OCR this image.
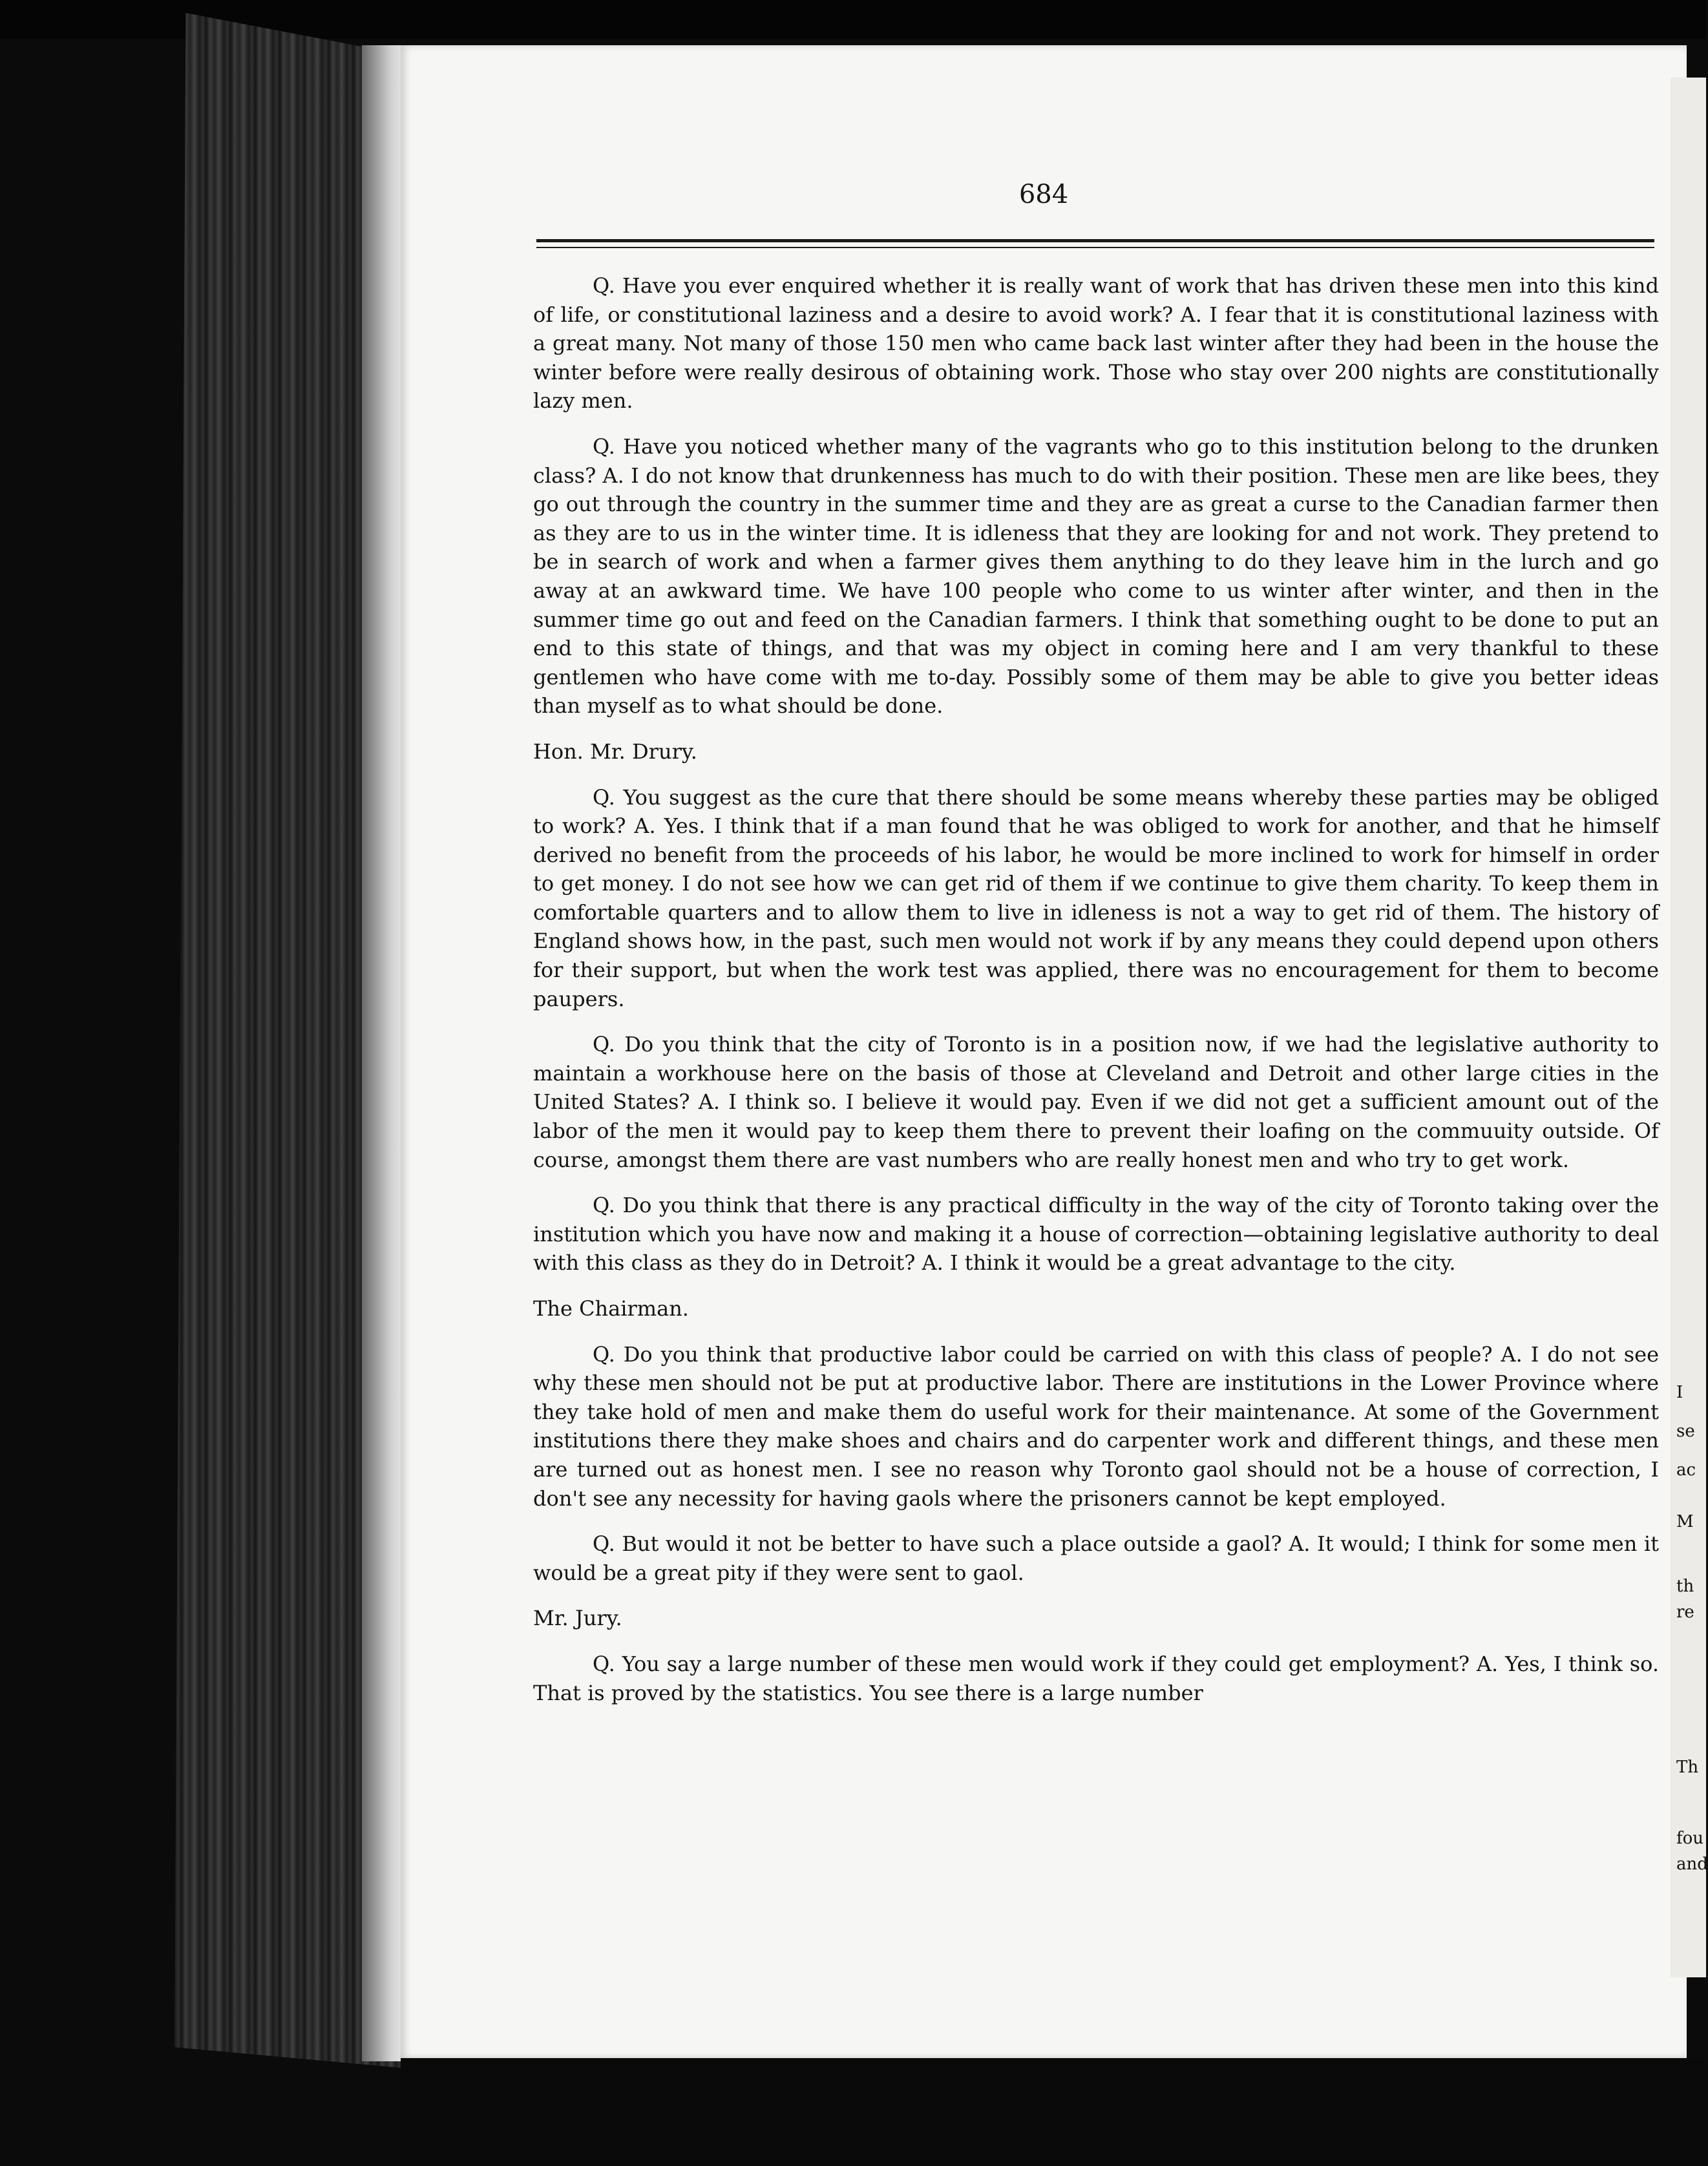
684

Q. Have you ever enquired whether it is really want of work that has driven these men into this kind of life, or constitutional laziness and a desire to avoid work? A. I fear that it is constitutional laziness with a great many. Not many of those 150 men who came back last winter after they had been in the house the winter before were really desirous of obtaining work. Those who stay over 200 nights are constitutionally lazy men.

Q. Have you noticed whether many of the vagrants who go to this institution belong to the drunken class? A. I do not know that drunkenness has much to do with their position. These men are like bees, they go out through the country in the summer time and they are as great a curse to the Canadian farmer then as they are to us in the winter time. It is idleness that they are looking for and not work. They pretend to be in search of work and when a farmer gives them anything to do they leave him in the lurch and go away at an awkward time. We have 100 people who come to us winter after winter, and then in the summer time go out and feed on the Canadian farmers. I think that something ought to be done to put an end to this state of things, and that was my object in coming here and I am very thankful to these gentlemen who have come with me to-day. Possibly some of them may be able to give you better ideas than myself as to what should be done.

Hon. Mr. Drury.

Q. You suggest as the cure that there should be some means whereby these parties may be obliged to work? A. Yes. I think that if a man found that he was obliged to work for another, and that he himself derived no benefit from the proceeds of his labor, he would be more inclined to work for himself in order to get money. I do not see how we can get rid of them if we continue to give them charity. To keep them in comfortable quarters and to allow them to live in idleness is not a way to get rid of them. The history of England shows how, in the past, such men would not work if by any means they could depend upon others for their support, but when the work test was applied, there was no encouragement for them to become paupers.

Q. Do you think that the city of Toronto is in a position now, if we had the legislative authority to maintain a workhouse here on the basis of those at Cleveland and Detroit and other large cities in the United States? A. I think so. I believe it would pay. Even if we did not get a sufficient amount out of the labor of the men it would pay to keep them there to prevent their loafing on the commuuity outside. Of course, amongst them there are vast numbers who are really honest men and who try to get work.

Q. Do you think that there is any practical difficulty in the way of the city of Toronto taking over the institution which you have now and making it a house of correction—obtaining legislative authority to deal with this class as they do in Detroit? A. I think it would be a great advantage to the city.

The Chairman.

Q. Do you think that productive labor could be carried on with this class of people? A. I do not see why these men should not be put at productive labor. There are institutions in the Lower Province where they take hold of men and make them do useful work for their maintenance. At some of the Government institutions there they make shoes and chairs and do carpenter work and different things, and these men are turned out as honest men. I see no reason why Toronto gaol should not be a house of correction, I don't see any necessity for having gaols where the prisoners cannot be kept employed.

Q. But would it not be better to have such a place outside a gaol? A. It would; I think for some men it would be a great pity if they were sent to gaol.

Mr. Jury.

Q. You say a large number of these men would work if they could get employment? A. Yes, I think so. That is proved by the statistics. You see there is a large number

I
se
ac
M
th
re
Th
fou
and
